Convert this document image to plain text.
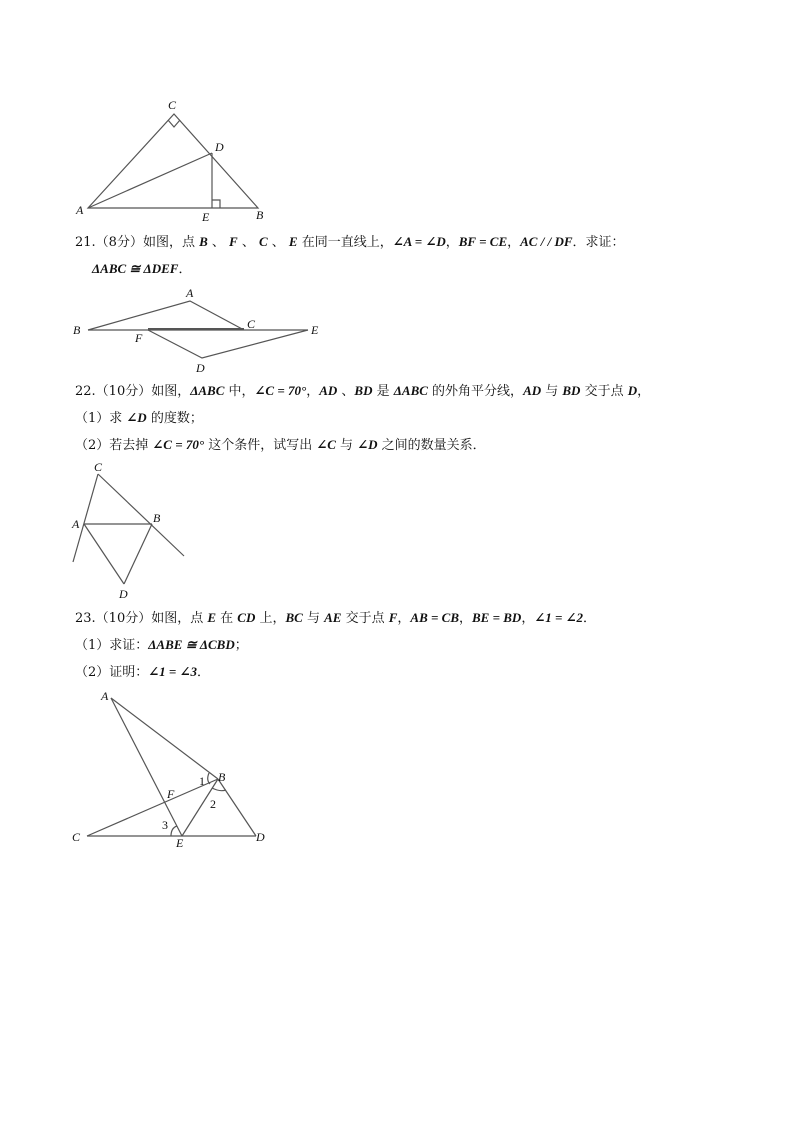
C
D
A	E	B
21.（8分）如图，点 B 、 F 、 C 、 E 在同一直线上，∠A = ∠D，BF = CE，AC / / DF．求证：
ΔABC ≅ ΔDEF．
A
B	C	E
F
D
22.（10分）如图，ΔABC 中，∠C = 70°，AD 、BD 是 ΔABC 的外角平分线，AD 与 BD 交于点 D，
（1）求 ∠D 的度数；
（2）若去掉 ∠C = 70° 这个条件，试写出 ∠C 与 ∠D 之间的数量关系．
C
A	B
D
23.（10分）如图，点 E 在 CD 上，BC 与 AE 交于点 F，AB = CB，BE = BD，∠1 = ∠2．
（1）求证：ΔABE ≅ ΔCBD；
（2）证明：∠1 = ∠3．
A
B
F
C	E	D
1
2
3
